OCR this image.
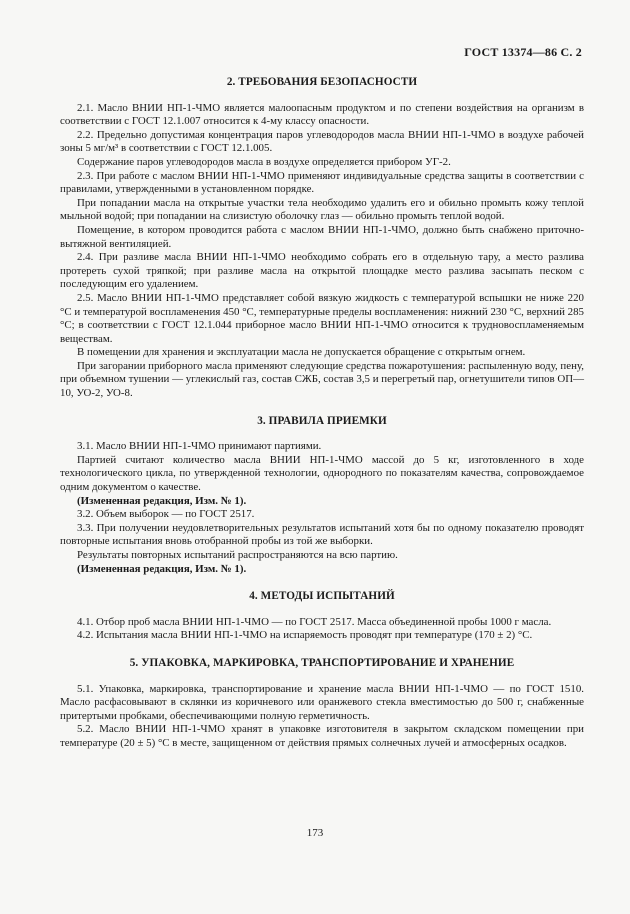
ГОСТ 13374—86 С. 2
2. ТРЕБОВАНИЯ БЕЗОПАСНОСТИ

2.1. Масло ВНИИ НП-1-ЧМО является малоопасным продуктом и по степени воздействия на организм в соответствии с ГОСТ 12.1.007 относится к 4-му классу опасности.

2.2. Предельно допустимая концентрация паров углеводородов масла ВНИИ НП-1-ЧМО в воздухе рабочей зоны 5 мг/м³ в соответствии с ГОСТ 12.1.005.

Содержание паров углеводородов масла в воздухе определяется прибором УГ-2.

2.3. При работе с маслом ВНИИ НП-1-ЧМО применяют индивидуальные средства защиты в соответствии с правилами, утвержденными в установленном порядке.

При попадании масла на открытые участки тела необходимо удалить его и обильно промыть кожу теплой мыльной водой; при попадании на слизистую оболочку глаз — обильно промыть теплой водой.

Помещение, в котором проводится работа с маслом ВНИИ НП-1-ЧМО, должно быть снабжено приточно-вытяжной вентиляцией.

2.4. При разливе масла ВНИИ НП-1-ЧМО необходимо собрать его в отдельную тару, а место разлива протереть сухой тряпкой; при разливе масла на открытой площадке место разлива засыпать песком с последующим его удалением.

2.5. Масло ВНИИ НП-1-ЧМО представляет собой вязкую жидкость с температурой вспышки не ниже 220 °С и температурой воспламенения 450 °С, температурные пределы воспламенения: нижний 230 °С, верхний 285 °С; в соответствии с ГОСТ 12.1.044 приборное масло ВНИИ НП-1-ЧМО относится к трудновоспламеняемым веществам.

В помещении для хранения и эксплуатации масла не допускается обращение с открытым огнем.

При загорании приборного масла применяют следующие средства пожаротушения: распыленную воду, пену, при объемном тушении — углекислый газ, состав СЖБ, состав 3,5 и перегретый пар, огнетушители типов ОП—10, УО-2, УО-8.

3. ПРАВИЛА ПРИЕМКИ

3.1. Масло ВНИИ НП-1-ЧМО принимают партиями.

Партией считают количество масла ВНИИ НП-1-ЧМО массой до 5 кг, изготовленного в ходе технологического цикла, по утвержденной технологии, однородного по показателям качества, сопровождаемое одним документом о качестве.

(Измененная редакция, Изм. № 1).

3.2. Объем выборок — по ГОСТ 2517.

3.3. При получении неудовлетворительных результатов испытаний хотя бы по одному показателю проводят повторные испытания вновь отобранной пробы из той же выборки.

Результаты повторных испытаний распространяются на всю партию.

(Измененная редакция, Изм. № 1).

4. МЕТОДЫ ИСПЫТАНИЙ

4.1. Отбор проб масла ВНИИ НП-1-ЧМО — по ГОСТ 2517. Масса объединенной пробы 1000 г масла.

4.2. Испытания масла ВНИИ НП-1-ЧМО на испаряемость проводят при температуре (170 ± 2) °С.

5. УПАКОВКА, МАРКИРОВКА, ТРАНСПОРТИРОВАНИЕ И ХРАНЕНИЕ

5.1. Упаковка, маркировка, транспортирование и хранение масла ВНИИ НП-1-ЧМО — по ГОСТ 1510. Масло расфасовывают в склянки из коричневого или оранжевого стекла вместимостью до 500 г, снабженные притертыми пробками, обеспечивающими полную герметичность.

5.2. Масло ВНИИ НП-1-ЧМО хранят в упаковке изготовителя в закрытом складском помещении при температуре (20 ± 5) °С в месте, защищенном от действия прямых солнечных лучей и атмосферных осадков.

173
